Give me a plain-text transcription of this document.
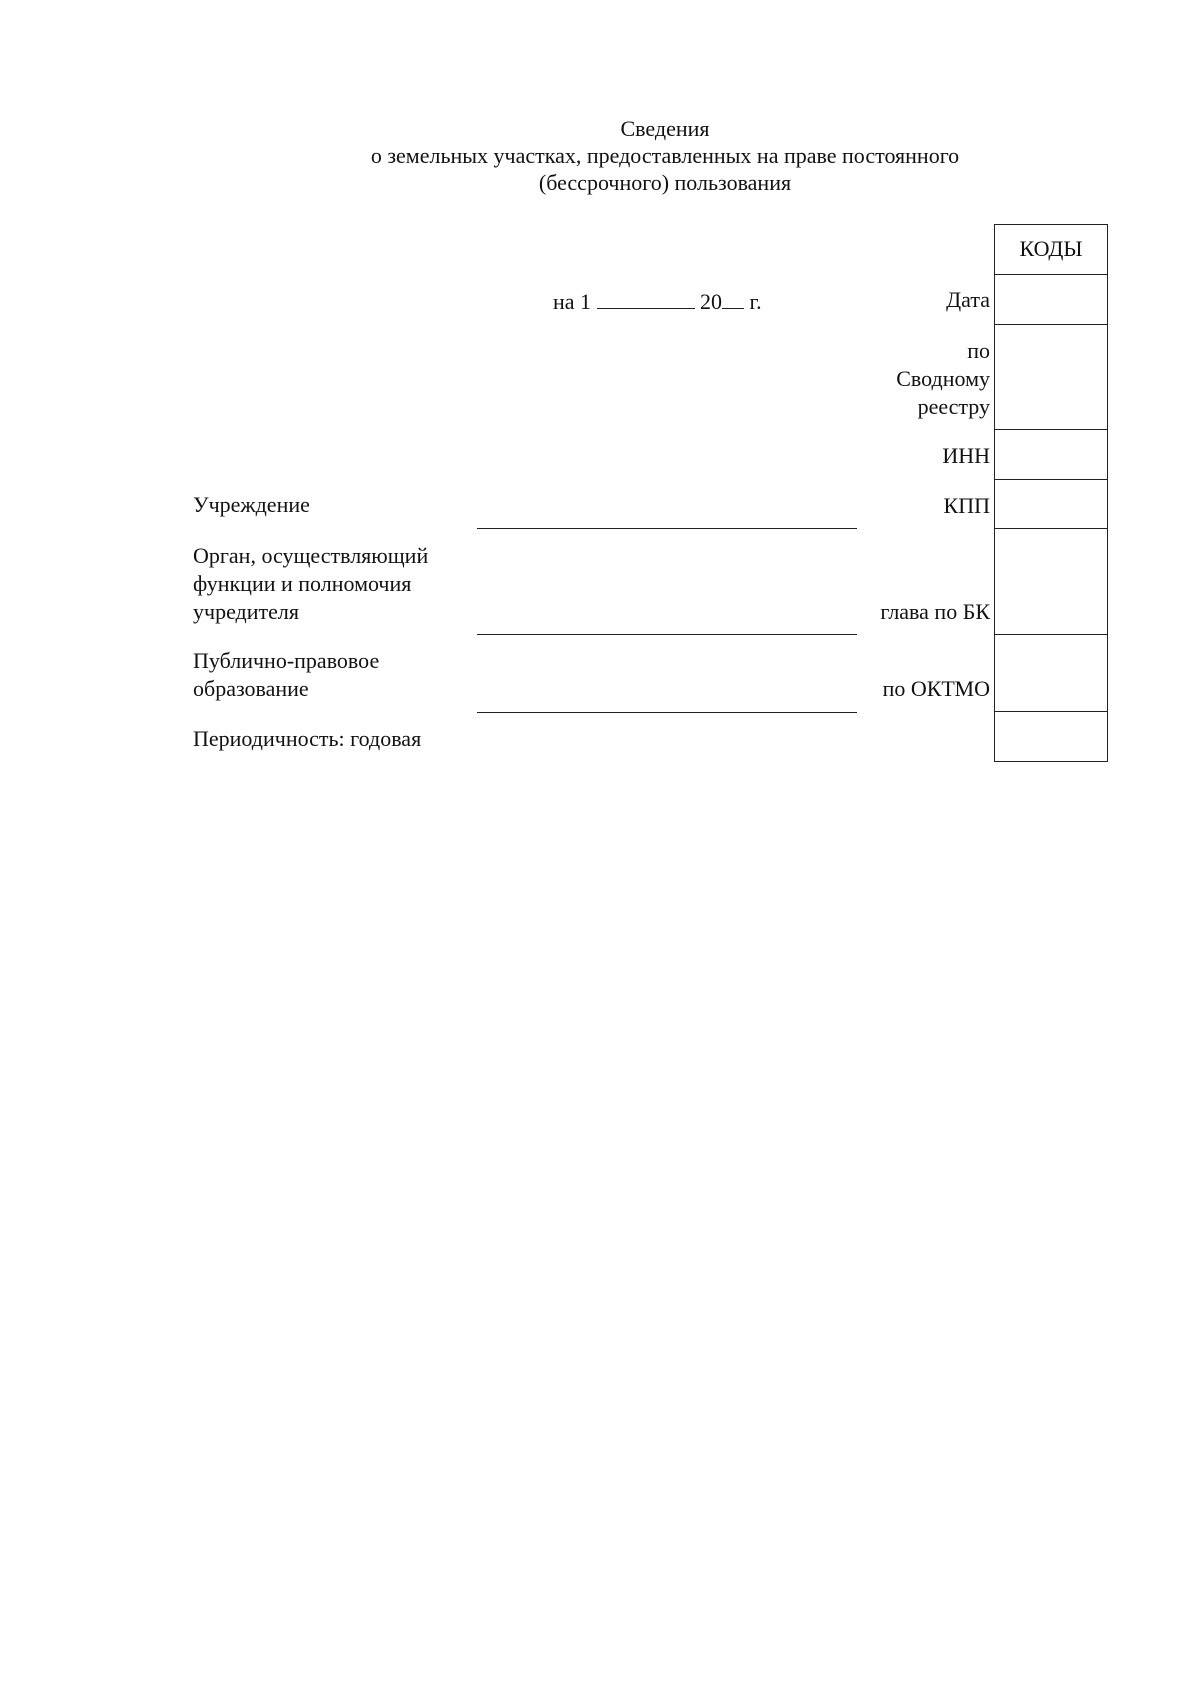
Сведения
о земельных участках, предоставленных на праве постоянного
(бессрочного) пользования
на 1	20 г.	Дата
по
Сводному
реестру
ИНН
КПП
глава по БК
по ОКТМО
КОДЫ
Учреждение
Орган, осуществляющий
функции и полномочия
учредителя
Публично-правовое
образование
Периодичность: годовая
